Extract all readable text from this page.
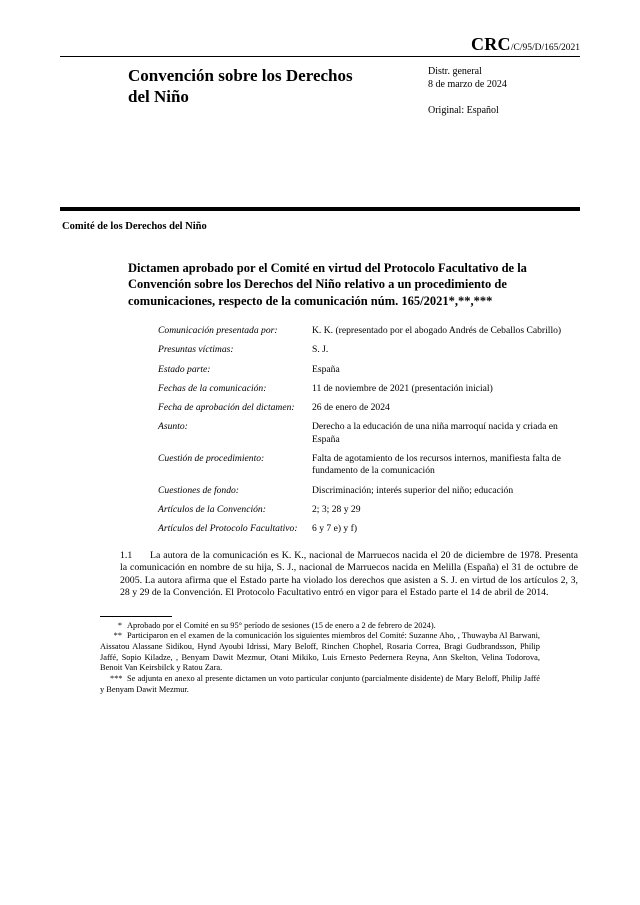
CRC/C/95/D/165/2021
Convención sobre los Derechos del Niño
Distr. general
8 de marzo de 2024
Original: Español
Comité de los Derechos del Niño
Dictamen aprobado por el Comité en virtud del Protocolo Facultativo de la Convención sobre los Derechos del Niño relativo a un procedimiento de comunicaciones, respecto de la comunicación núm. 165/2021*,**,***
Comunicación presentada por:	K. K. (representado por el abogado Andrés de Ceballos Cabrillo)
Presuntas víctimas:	S. J.
Estado parte:	España
Fechas de la comunicación:	11 de noviembre de 2021 (presentación inicial)
Fecha de aprobación del dictamen:	26 de enero de 2024
Asunto:	Derecho a la educación de una niña marroquí nacida y criada en España
Cuestión de procedimiento:	Falta de agotamiento de los recursos internos, manifiesta falta de fundamento de la comunicación
Cuestiones de fondo:	Discriminación; interés superior del niño; educación
Artículos de la Convención:	2; 3; 28 y 29
Artículos del Protocolo Facultativo:	6 y 7 e) y f)
1.1 La autora de la comunicación es K. K., nacional de Marruecos nacida el 20 de diciembre de 1978. Presenta la comunicación en nombre de su hija, S. J., nacional de Marruecos nacida en Melilla (España) el 31 de octubre de 2005. La autora afirma que el Estado parte ha violado los derechos que asisten a S. J. en virtud de los artículos 2, 3, 28 y 29 de la Convención. El Protocolo Facultativo entró en vigor para el Estado parte el 14 de abril de 2014.
* Aprobado por el Comité en su 95° período de sesiones (15 de enero a 2 de febrero de 2024).
** Participaron en el examen de la comunicación los siguientes miembros del Comité: Suzanne Aho, , Thuwayba Al Barwani, Aissatou Alassane Sidikou, Hynd Ayoubi Idrissi, Mary Beloff, Rinchen Chophel, Rosaria Correa, Bragi Gudbrandsson, Philip Jaffé, Sopio Kiladze, , Benyam Dawit Mezmur, Otani Mikiko, Luis Ernesto Pedernera Reyna, Ann Skelton, Velina Todorova, Benoit Van Keirsbilck y Ratou Zara.
*** Se adjunta en anexo al presente dictamen un voto particular conjunto (parcialmente disidente) de Mary Beloff, Philip Jaffé y Benyam Dawit Mezmur.
